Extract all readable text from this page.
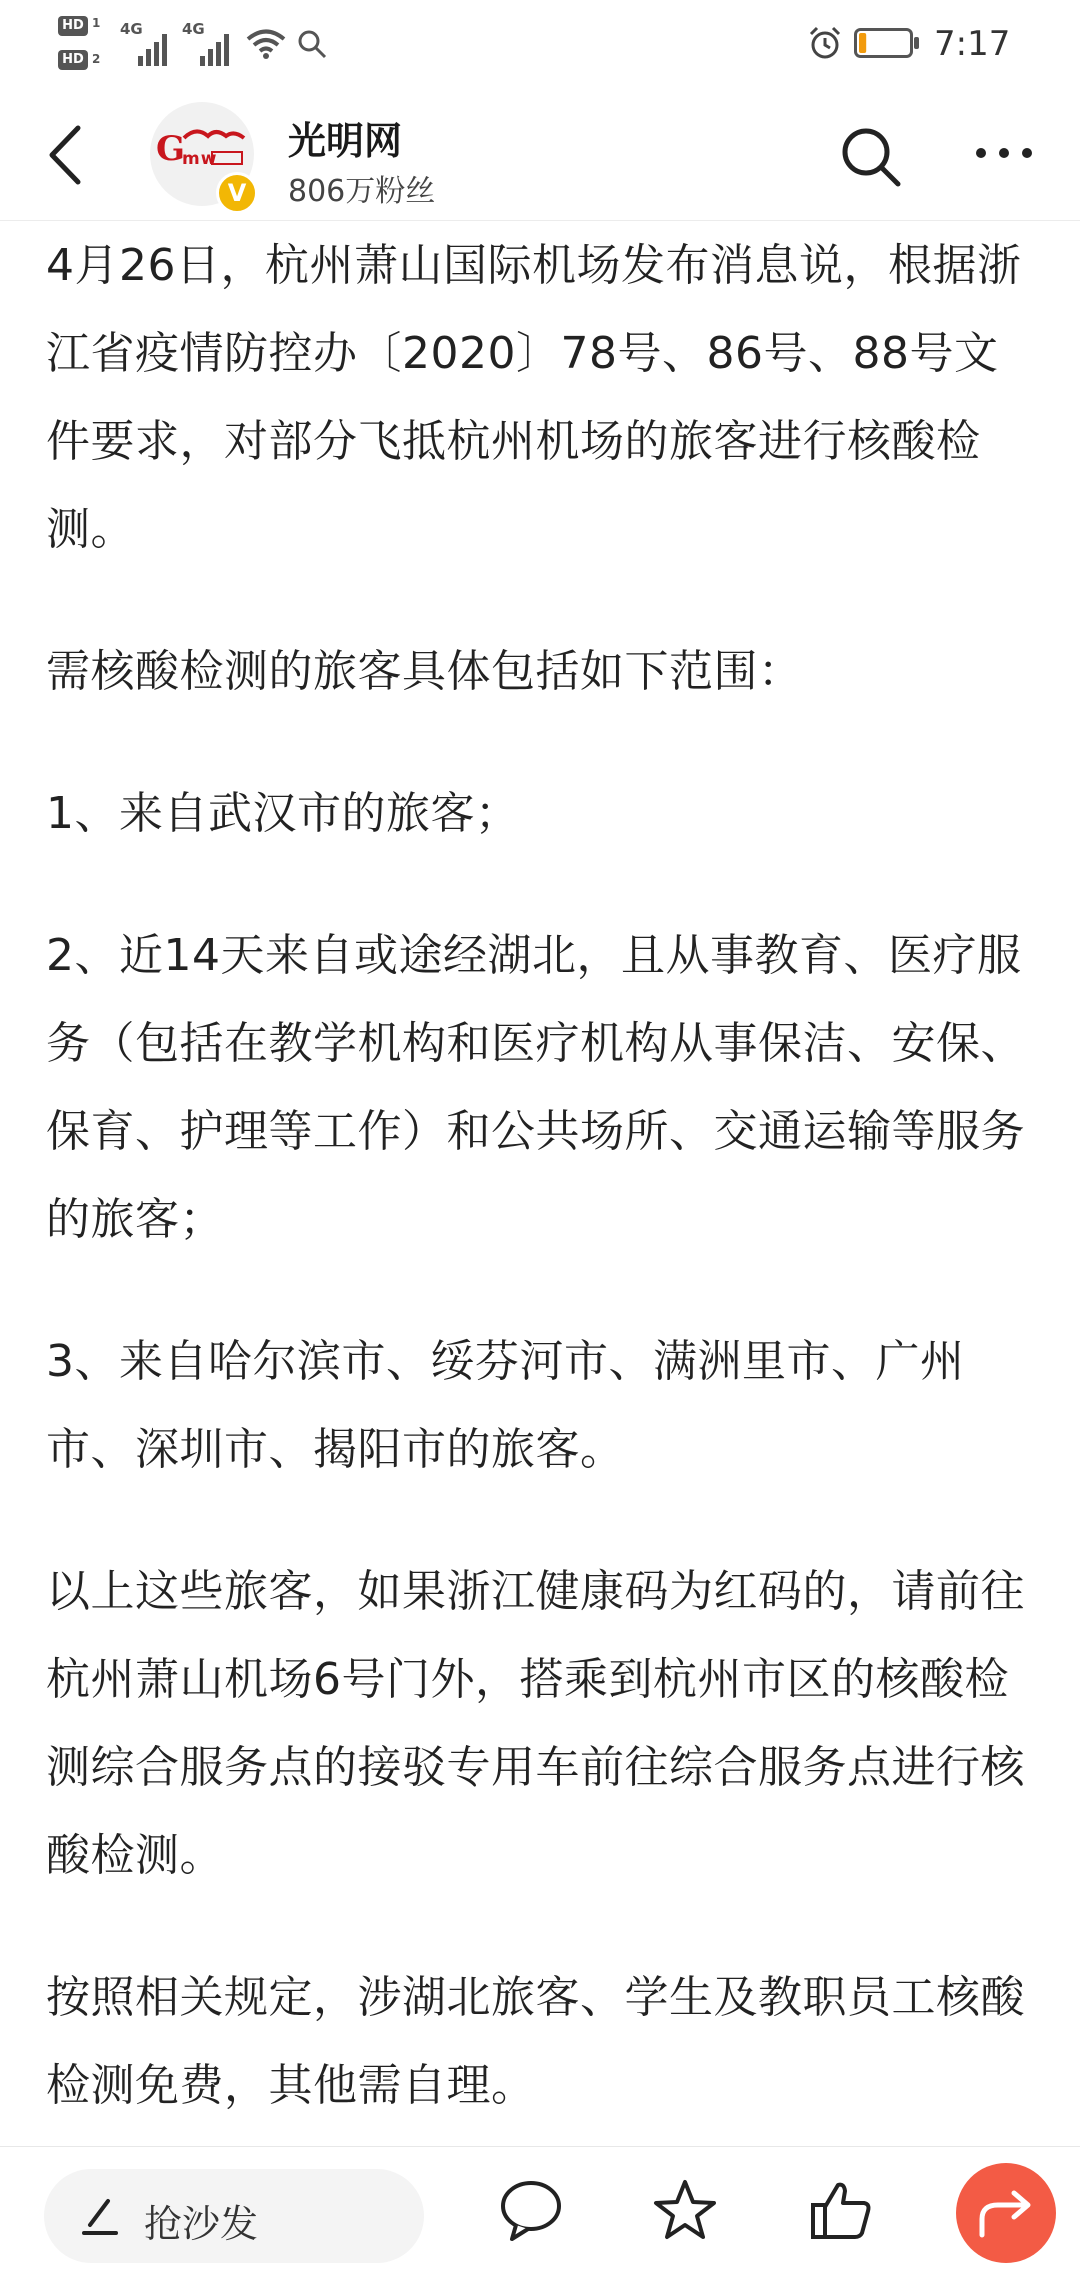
HD 1
HD 2
4G	4G	7:17
G
mw
V
光明网
806万粉丝

4月26日，杭州萧山国际机场发布消息说，根据浙江省疫情防控办〔2020〕78号、86号、88号文件要求，对部分飞抵杭州机场的旅客进行核酸检测。

需核酸检测的旅客具体包括如下范围：

1、来自武汉市的旅客；

2、近14天来自或途经湖北，且从事教育、医疗服务（包括在教学机构和医疗机构从事保洁、安保、保育、护理等工作）和公共场所、交通运输等服务的旅客；

3、来自哈尔滨市、绥芬河市、满洲里市、广州市、深圳市、揭阳市的旅客。

以上这些旅客，如果浙江健康码为红码的，请前往杭州萧山机场6号门外，搭乘到杭州市区的核酸检测综合服务点的接驳专用车前往综合服务点进行核酸检测。

按照相关规定，涉湖北旅客、学生及教职员工核酸检测免费，其他需自理。

抢沙发
